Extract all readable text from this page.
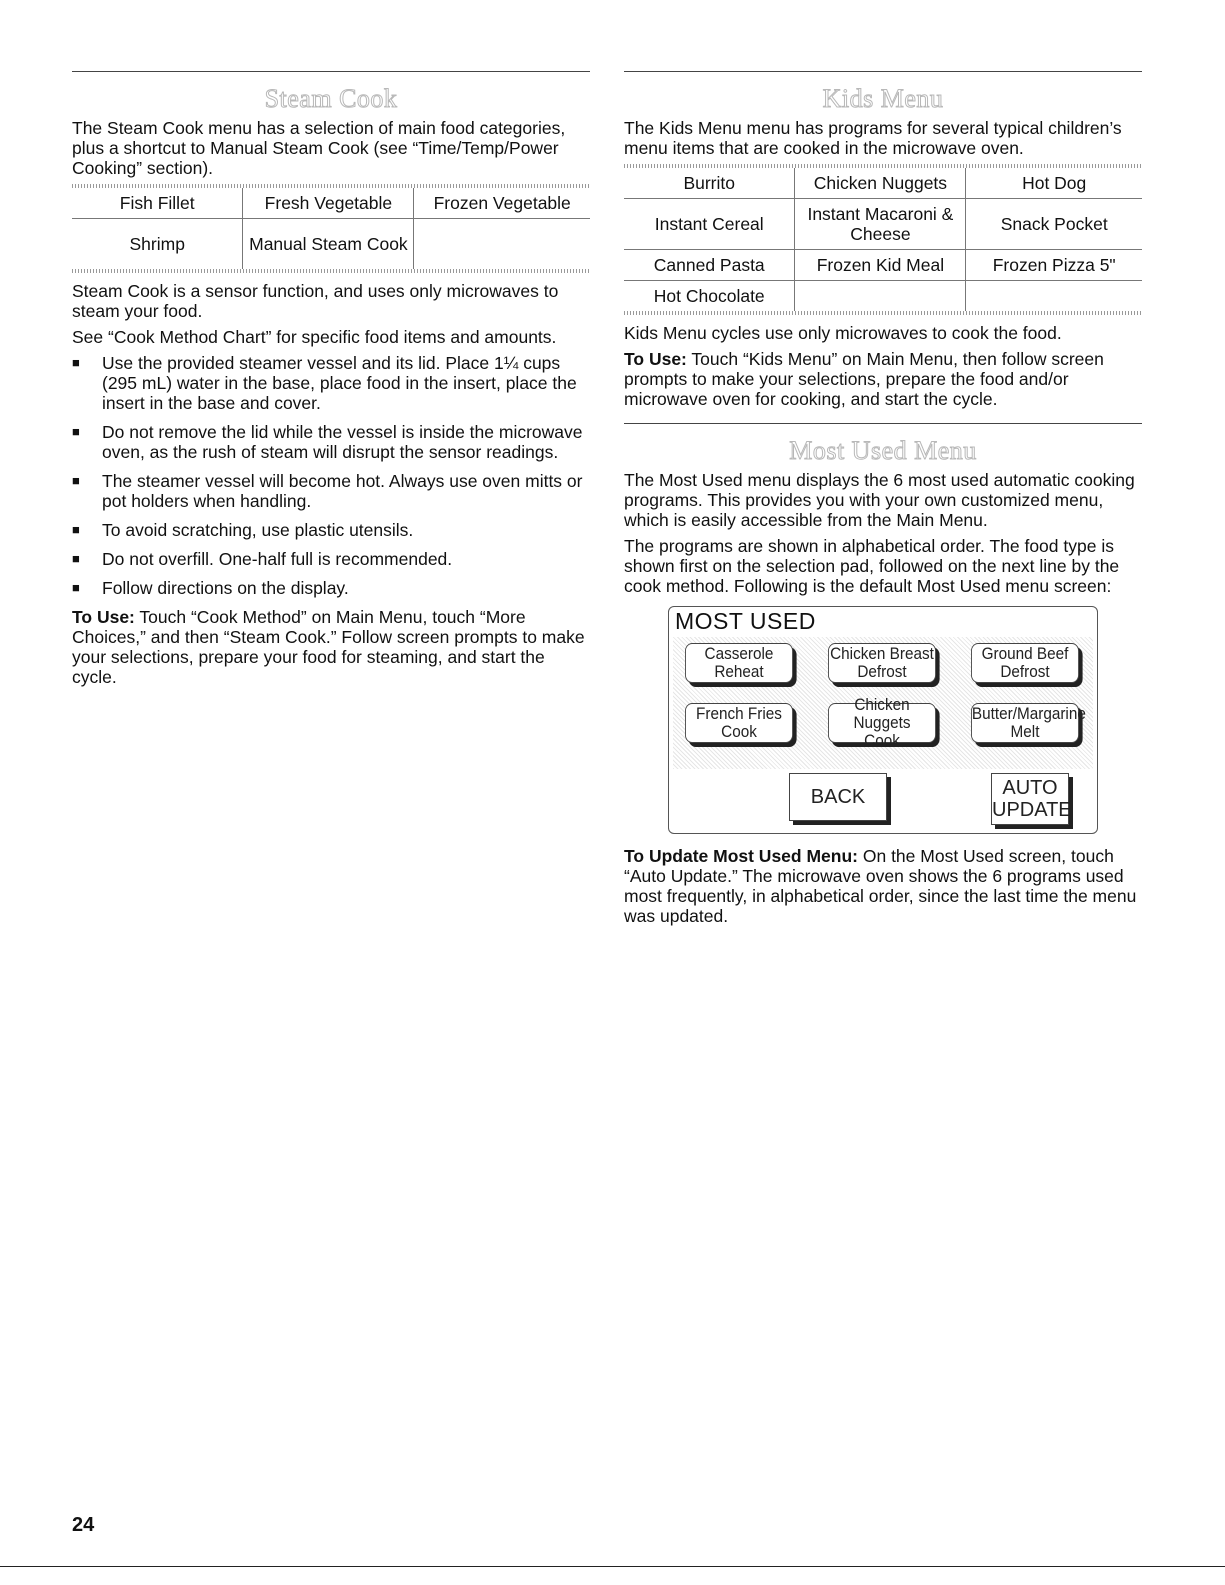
Steam Cook

The Steam Cook menu has a selection of main food categories, plus a shortcut to Manual Steam Cook (see “Time/Temp/Power Cooking” section).

Fish Fillet	Fresh Vegetable	Frozen Vegetable
Shrimp	Manual Steam Cook	

Steam Cook is a sensor function, and uses only microwaves to steam your food.

See “Cook Method Chart” for specific food items and amounts.

■ Use the provided steamer vessel and its lid. Place 1¼ cups (295 mL) water in the base, place food in the insert, place the insert in the base and cover.
■ Do not remove the lid while the vessel is inside the microwave oven, as the rush of steam will disrupt the sensor readings.
■ The steamer vessel will become hot. Always use oven mitts or pot holders when handling.
■ To avoid scratching, use plastic utensils.
■ Do not overfill. One-half full is recommended.
■ Follow directions on the display.

To Use: Touch “Cook Method” on Main Menu, touch “More Choices,” and then “Steam Cook.” Follow screen prompts to make your selections, prepare your food for steaming, and start the cycle.

Kids Menu

The Kids Menu menu has programs for several typical children’s menu items that are cooked in the microwave oven.

Burrito	Chicken Nuggets	Hot Dog
Instant Cereal	Instant Macaroni & Cheese	Snack Pocket
Canned Pasta	Frozen Kid Meal	Frozen Pizza 5"
Hot Chocolate		

Kids Menu cycles use only microwaves to cook the food.

To Use: Touch “Kids Menu” on Main Menu, then follow screen prompts to make your selections, prepare the food and/or microwave oven for cooking, and start the cycle.

Most Used Menu

The Most Used menu displays the 6 most used automatic cooking programs. This provides you with your own customized menu, which is easily accessible from the Main Menu.

The programs are shown in alphabetical order. The food type is shown first on the selection pad, followed on the next line by the cook method. Following is the default Most Used menu screen:

MOST USED
Casserole
Reheat
Chicken Breast
Defrost
Ground Beef
Defrost
French Fries
Cook
Chicken Nuggets
Cook
Butter/Margarine
Melt
BACK	AUTO
UPDATE

To Update Most Used Menu: On the Most Used screen, touch “Auto Update.” The microwave oven shows the 6 programs used most frequently, in alphabetical order, since the last time the menu was updated.

24
